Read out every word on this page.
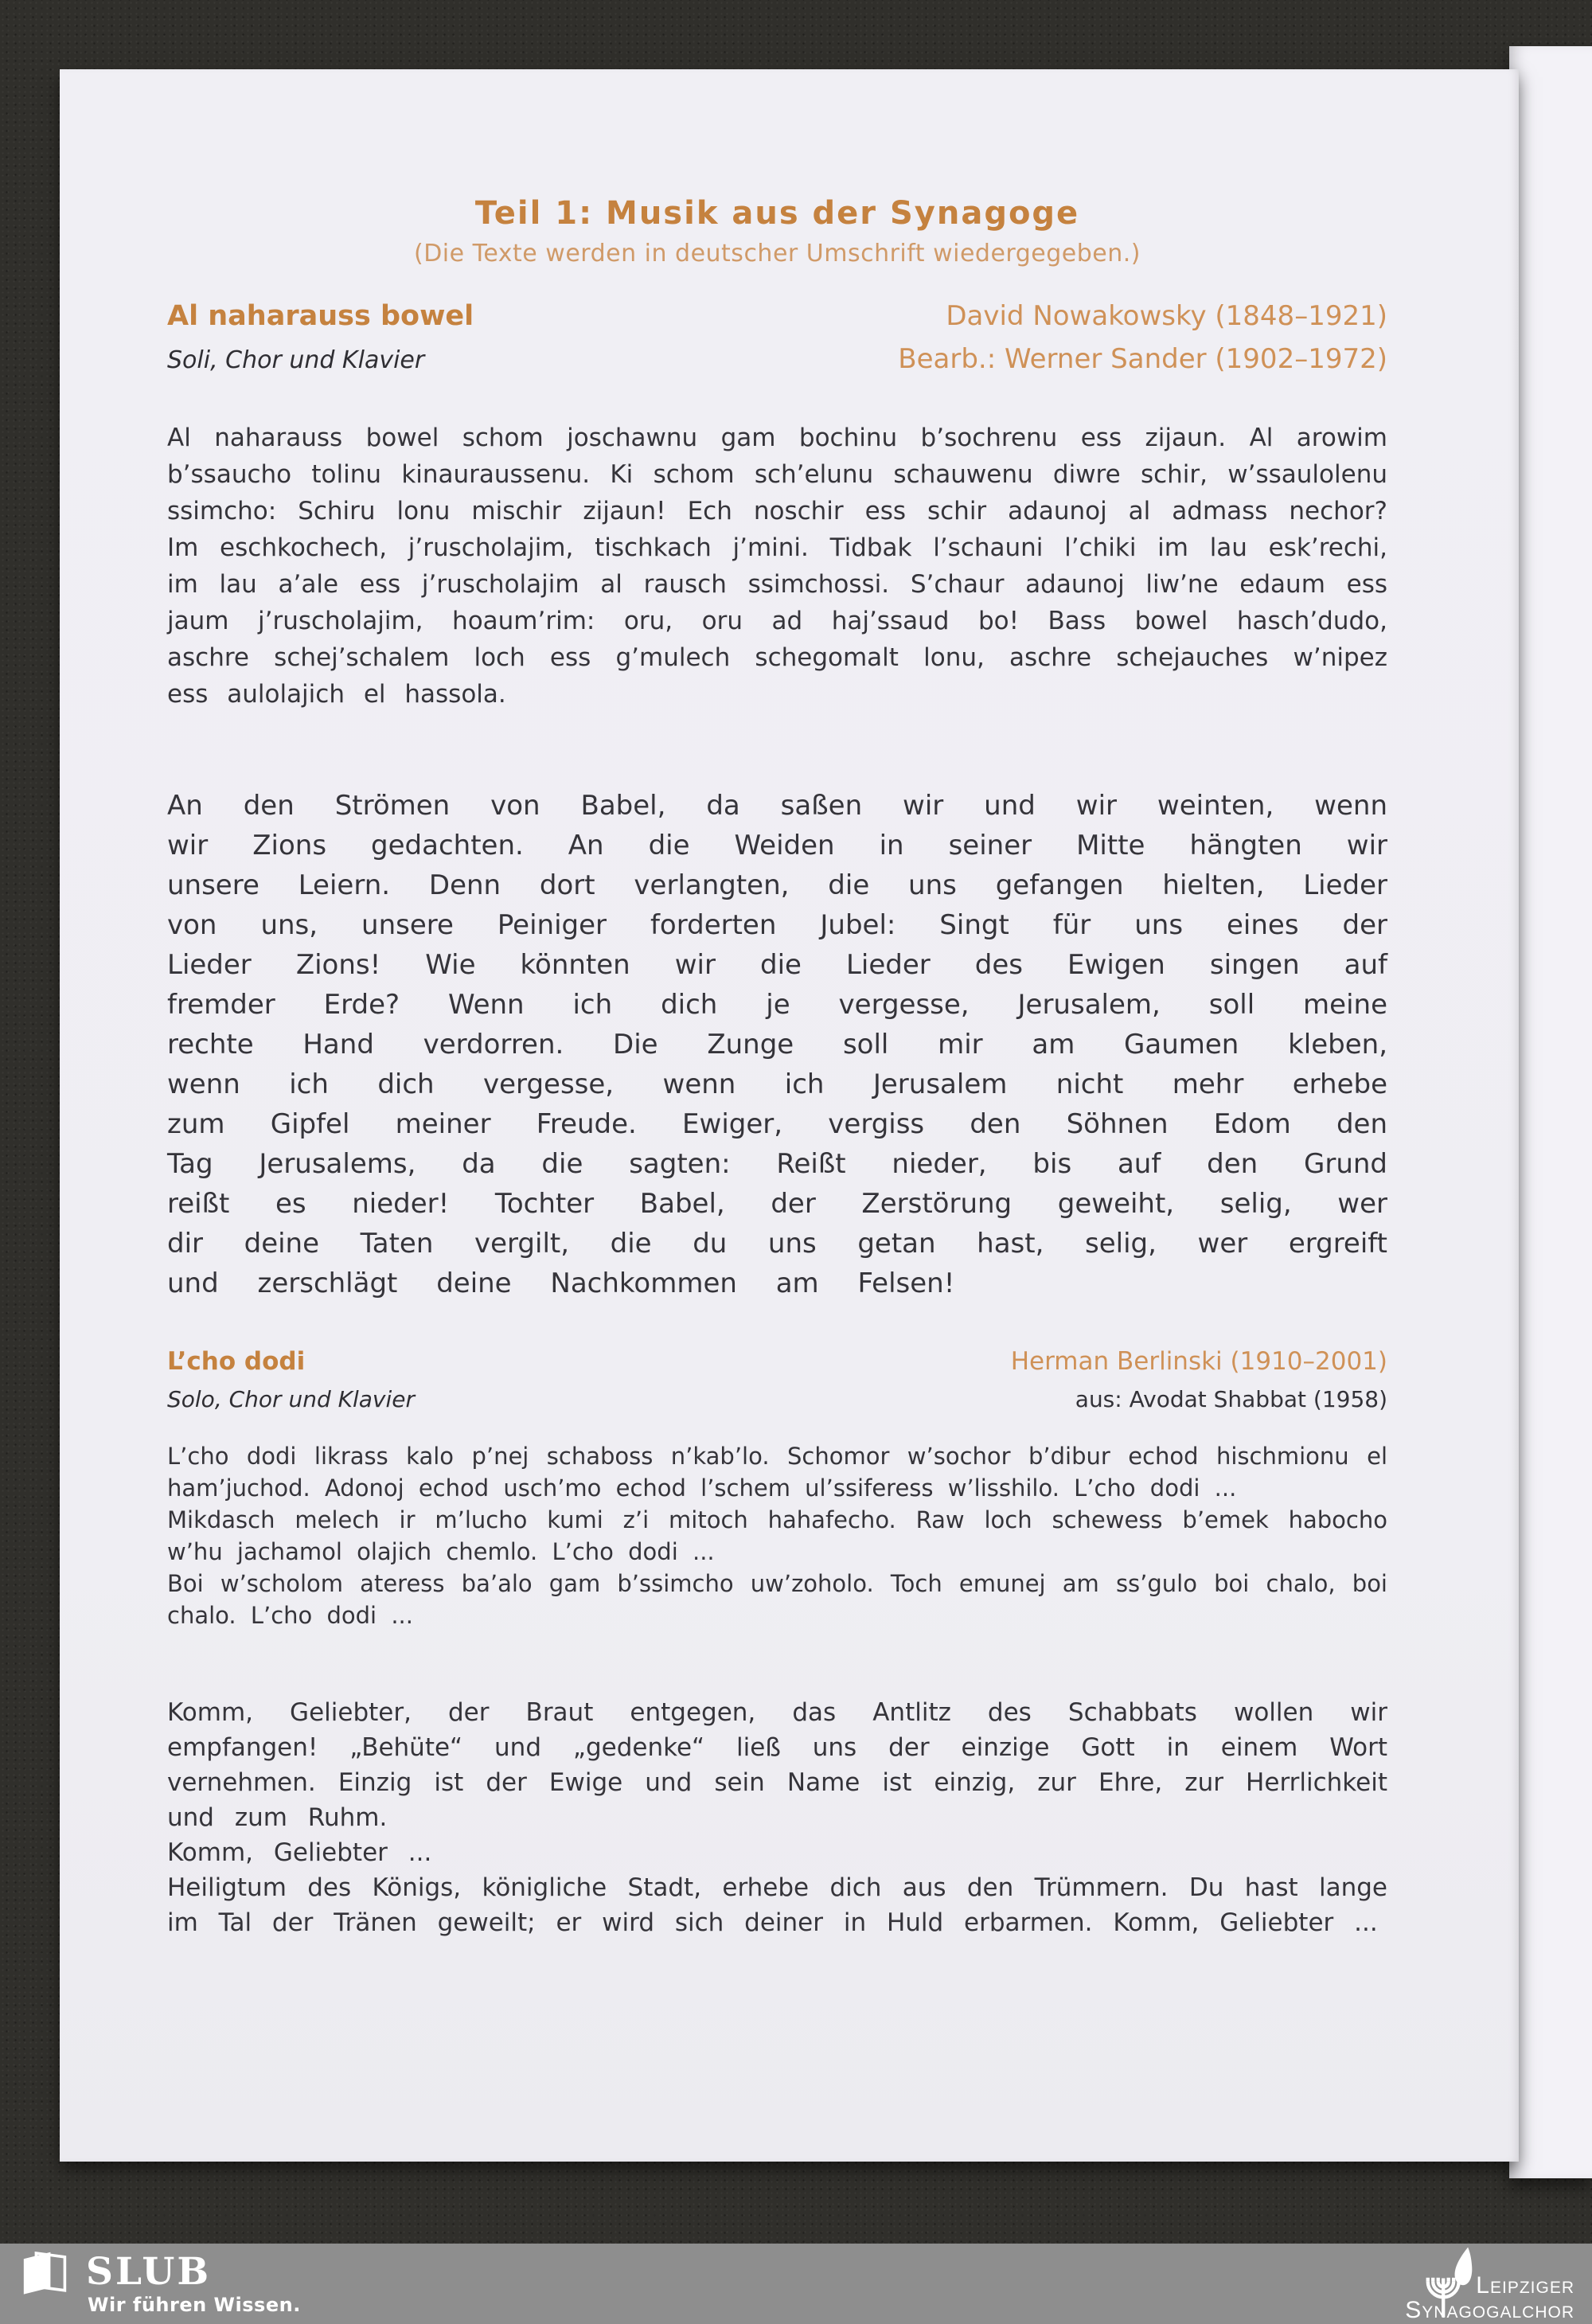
Teil 1: Musik aus der Synagoge
(Die Texte werden in deutscher Umschrift wiedergegeben.)
Al naharauss bowel	David Nowakowsky (1848–1921)
Soli, Chor und Klavier	Bearb.: Werner Sander (1902–1972)
Al naharauss bowel schom joschawnu gam bochinu b’sochrenu ess zijaun. Al arowim b’ssaucho tolinu kinauraussenu. Ki schom sch’elunu schauwenu diwre schir, w’ssaulolenu ssimcho: Schiru lonu mischir zijaun! Ech noschir ess schir adaunoj al admass nechor? Im eschkochech, j’ruscholajim, tischkach j’mini. Tidbak l’schauni l’chiki im lau esk’rechi, im lau a’ale ess j’ruscholajim al rausch ssimchossi. S’chaur adaunoj liw’ne edaum ess jaum j’ruscholajim, hoaum’rim: oru, oru ad haj’ssaud bo! Bass bowel hasch’dudo, aschre schej’schalem loch ess g’mulech schegomalt lonu, aschre schejauches w’nipez ess aulolajich el hassola.
An den Strömen von Babel, da saßen wir und wir weinten, wenn wir Zions gedachten. An die Weiden in seiner Mitte hängten wir unsere Leiern. Denn dort verlangten, die uns gefangen hielten, Lieder von uns, unsere Peiniger forderten Jubel: Singt für uns eines der Lieder Zions! Wie könnten wir die Lieder des Ewigen singen auf fremder Erde? Wenn ich dich je vergesse, Jerusalem, soll meine rechte Hand verdorren. Die Zunge soll mir am Gaumen kleben, wenn ich dich vergesse, wenn ich Jerusalem nicht mehr erhebe zum Gipfel meiner Freude. Ewiger, vergiss den Söhnen Edom den Tag Jerusalems, da die sagten: Reißt nieder, bis auf den Grund reißt es nieder! Tochter Babel, der Zerstörung geweiht, selig, wer dir deine Taten vergilt, die du uns getan hast, selig, wer ergreift und zerschlägt deine Nachkommen am Felsen!
L’cho dodi	Herman Berlinski (1910–2001)
Solo, Chor und Klavier	aus: Avodat Shabbat (1958)

L’cho dodi likrass kalo p’nej schaboss n’kab’lo. Schomor w’sochor b’dibur echod hischmionu el ham’juchod. Adonoj echod usch’mo echod l’schem ul’ssiferess w’lisshilo. L’cho dodi ...

Mikdasch melech ir m’lucho kumi z’i mitoch hahafecho. Raw loch schewess b’emek habocho w’hu jachamol olajich chemlo. L’cho dodi ...

Boi w’scholom ateress ba’alo gam b’ssimcho uw’zoholo. Toch emunej am ss’gulo boi chalo, boi chalo. L’cho dodi ...

Komm, Geliebter, der Braut entgegen, das Antlitz des Schabbats wollen wir empfangen! „Behüte“ und „gedenke“ ließ uns der einzige Gott in einem Wort vernehmen. Einzig ist der Ewige und sein Name ist einzig, zur Ehre, zur Herrlichkeit und zum Ruhm.

Komm, Geliebter ...

Heiligtum des Königs, königliche Stadt, erhebe dich aus den Trümmern. Du hast lange im Tal der Tränen geweilt; er wird sich deiner in Huld erbarmen. Komm, Geliebter ...

SLUB
Wir führen Wissen.
Leipziger
Synagogalchor
